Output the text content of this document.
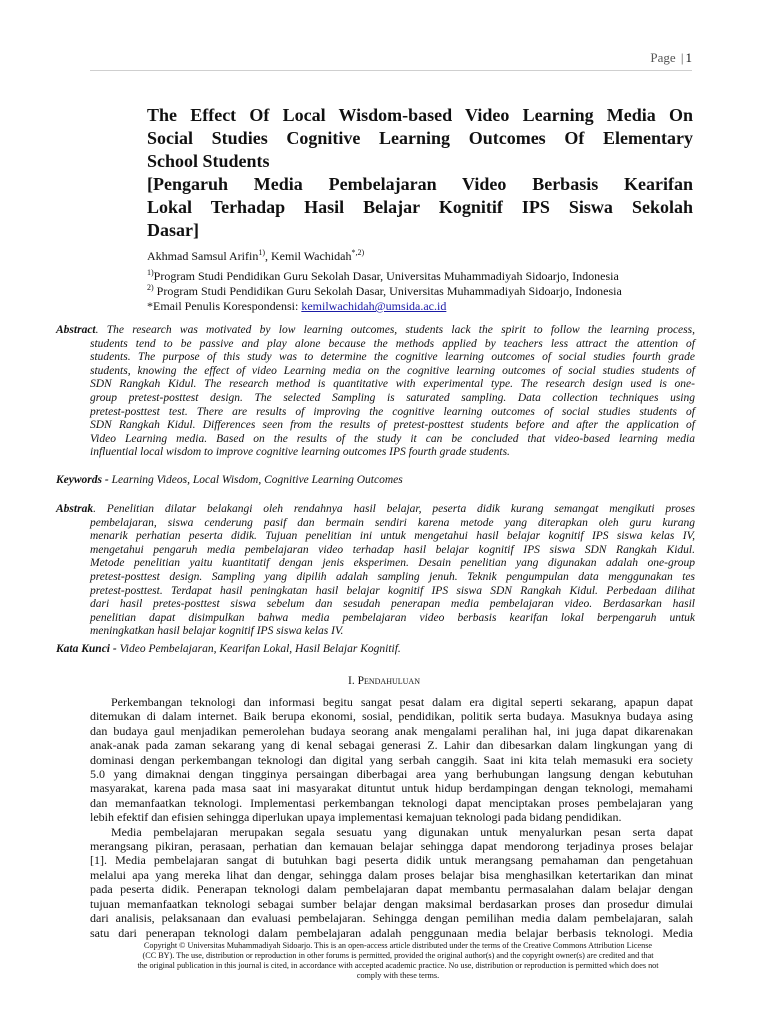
Page | 1
The Effect Of Local Wisdom-based Video Learning Media On
Social Studies Cognitive Learning Outcomes Of Elementary
School Students
[Pengaruh Media Pembelajaran Video Berbasis Kearifan
Lokal Terhadap Hasil Belajar Kognitif IPS Siswa Sekolah
Dasar]
Akhmad Samsul Arifin$^{1)}$, Kemil Wachidah$^{*,2)}$
$^{1)}$Program Studi Pendidikan Guru Sekolah Dasar, Universitas Muhammadiyah Sidoarjo, Indonesia
$^{2)}$ Program Studi Pendidikan Guru Sekolah Dasar, Universitas Muhammadiyah Sidoarjo, Indonesia
*Email Penulis Korespondensi: kemilwachidah@umsida.ac.id
Abstract. The research was motivated by low learning outcomes, students lack the spirit to follow the learning process,
students tend to be passive and play alone because the methods applied by teachers less attract the attention of
students. The purpose of this study was to determine the cognitive learning outcomes of social studies fourth grade
students, knowing the effect of video Learning media on the cognitive learning outcomes of social studies students of
SDN Rangkah Kidul. The research method is quantitative with experimental type. The research design used is one-
group pretest-posttest design. The selected Sampling is saturated sampling. Data collection techniques using
pretest-posttest test. There are results of improving the cognitive learning outcomes of social studies students of
SDN Rangkah Kidul. Differences seen from the results of pretest-posttest students before and after the application of
Video Learning media. Based on the results of the study it can be concluded that video-based learning media
influential local wisdom to improve cognitive learning outcomes IPS fourth grade students.
Keywords - Learning Videos, Local Wisdom, Cognitive Learning Outcomes
Abstrak. Penelitian dilatar belakangi oleh rendahnya hasil belajar, peserta didik kurang semangat mengikuti proses
pembelajaran, siswa cenderung pasif dan bermain sendiri karena metode yang diterapkan oleh guru kurang
menarik perhatian peserta didik. Tujuan penelitian ini untuk mengetahui hasil belajar kognitif IPS siswa kelas IV,
mengetahui pengaruh media pembelajaran video terhadap hasil belajar kognitif IPS siswa SDN Rangkah Kidul.
Metode penelitian yaitu kuantitatif dengan jenis eksperimen. Desain penelitian yang digunakan adalah one-group
pretest-posttest design. Sampling yang dipilih adalah sampling jenuh. Teknik pengumpulan data menggunakan tes
pretest-posttest. Terdapat hasil peningkatan hasil belajar kognitif IPS siswa SDN Rangkah Kidul. Perbedaan dilihat
dari hasil pretes-posttest siswa sebelum dan sesudah penerapan media pembelajaran video. Berdasarkan hasil
penelitian dapat disimpulkan bahwa media pembelajaran video berbasis kearifan lokal berpengaruh untuk
meningkatkan hasil belajar kognitif IPS siswa kelas IV.
Kata Kunci - Video Pembelajaran, Kearifan Lokal, Hasil Belajar Kognitif.
I. Pendahuluan
Perkembangan teknologi dan informasi begitu sangat pesat dalam era digital seperti sekarang, apapun dapat
ditemukan di dalam internet. Baik berupa ekonomi, sosial, pendidikan, politik serta budaya. Masuknya budaya asing
dan budaya gaul menjadikan pemerolehan budaya seorang anak mengalami peralihan hal, ini juga dapat dikarenakan
anak-anak pada zaman sekarang yang di kenal sebagai generasi Z. Lahir dan dibesarkan dalam lingkungan yang di
dominasi dengan perkembangan teknologi dan digital yang serbah canggih. Saat ini kita telah memasuki era society
5.0 yang dimaknai dengan tingginya persaingan diberbagai area yang berhubungan langsung dengan kebutuhan
masyarakat, karena pada masa saat ini masyarakat dituntut untuk hidup berdampingan dengan teknologi, memahami
dan memanfaatkan teknologi. Implementasi perkembangan teknologi dapat menciptakan proses pembelajaran yang
lebih efektif dan efisien sehingga diperlukan upaya implementasi kemajuan teknologi pada bidang pendidikan.
Media pembelajaran merupakan segala sesuatu yang digunakan untuk menyalurkan pesan serta dapat
merangsang pikiran, perasaan, perhatian dan kemauan belajar sehingga dapat mendorong terjadinya proses belajar
[1]. Media pembelajaran sangat di butuhkan bagi peserta didik untuk merangsang pemahaman dan pengetahuan
melalui apa yang mereka lihat dan dengar, sehingga dalam proses belajar bisa menghasilkan ketertarikan dan minat
pada peserta didik. Penerapan teknologi dalam pembelajaran dapat membantu permasalahan dalam belajar dengan
tujuan memanfaatkan teknologi sebagai sumber belajar dengan maksimal berdasarkan proses dan prosedur dimulai
dari analisis, pelaksanaan dan evaluasi pembelajaran. Sehingga dengan pemilihan media dalam pembelajaran, salah
satu dari penerapan teknologi dalam pembelajaran adalah penggunaan media belajar berbasis teknologi. Media
Copyright © Universitas Muhammadiyah Sidoarjo. This is an open-access article distributed under the terms of the Creative Commons Attribution License
(CC BY). The use, distribution or reproduction in other forums is permitted, provided the original author(s) and the copyright owner(s) are credited and that
the original publication in this journal is cited, in accordance with accepted academic practice. No use, distribution or reproduction is permitted which does not
comply with these terms.
